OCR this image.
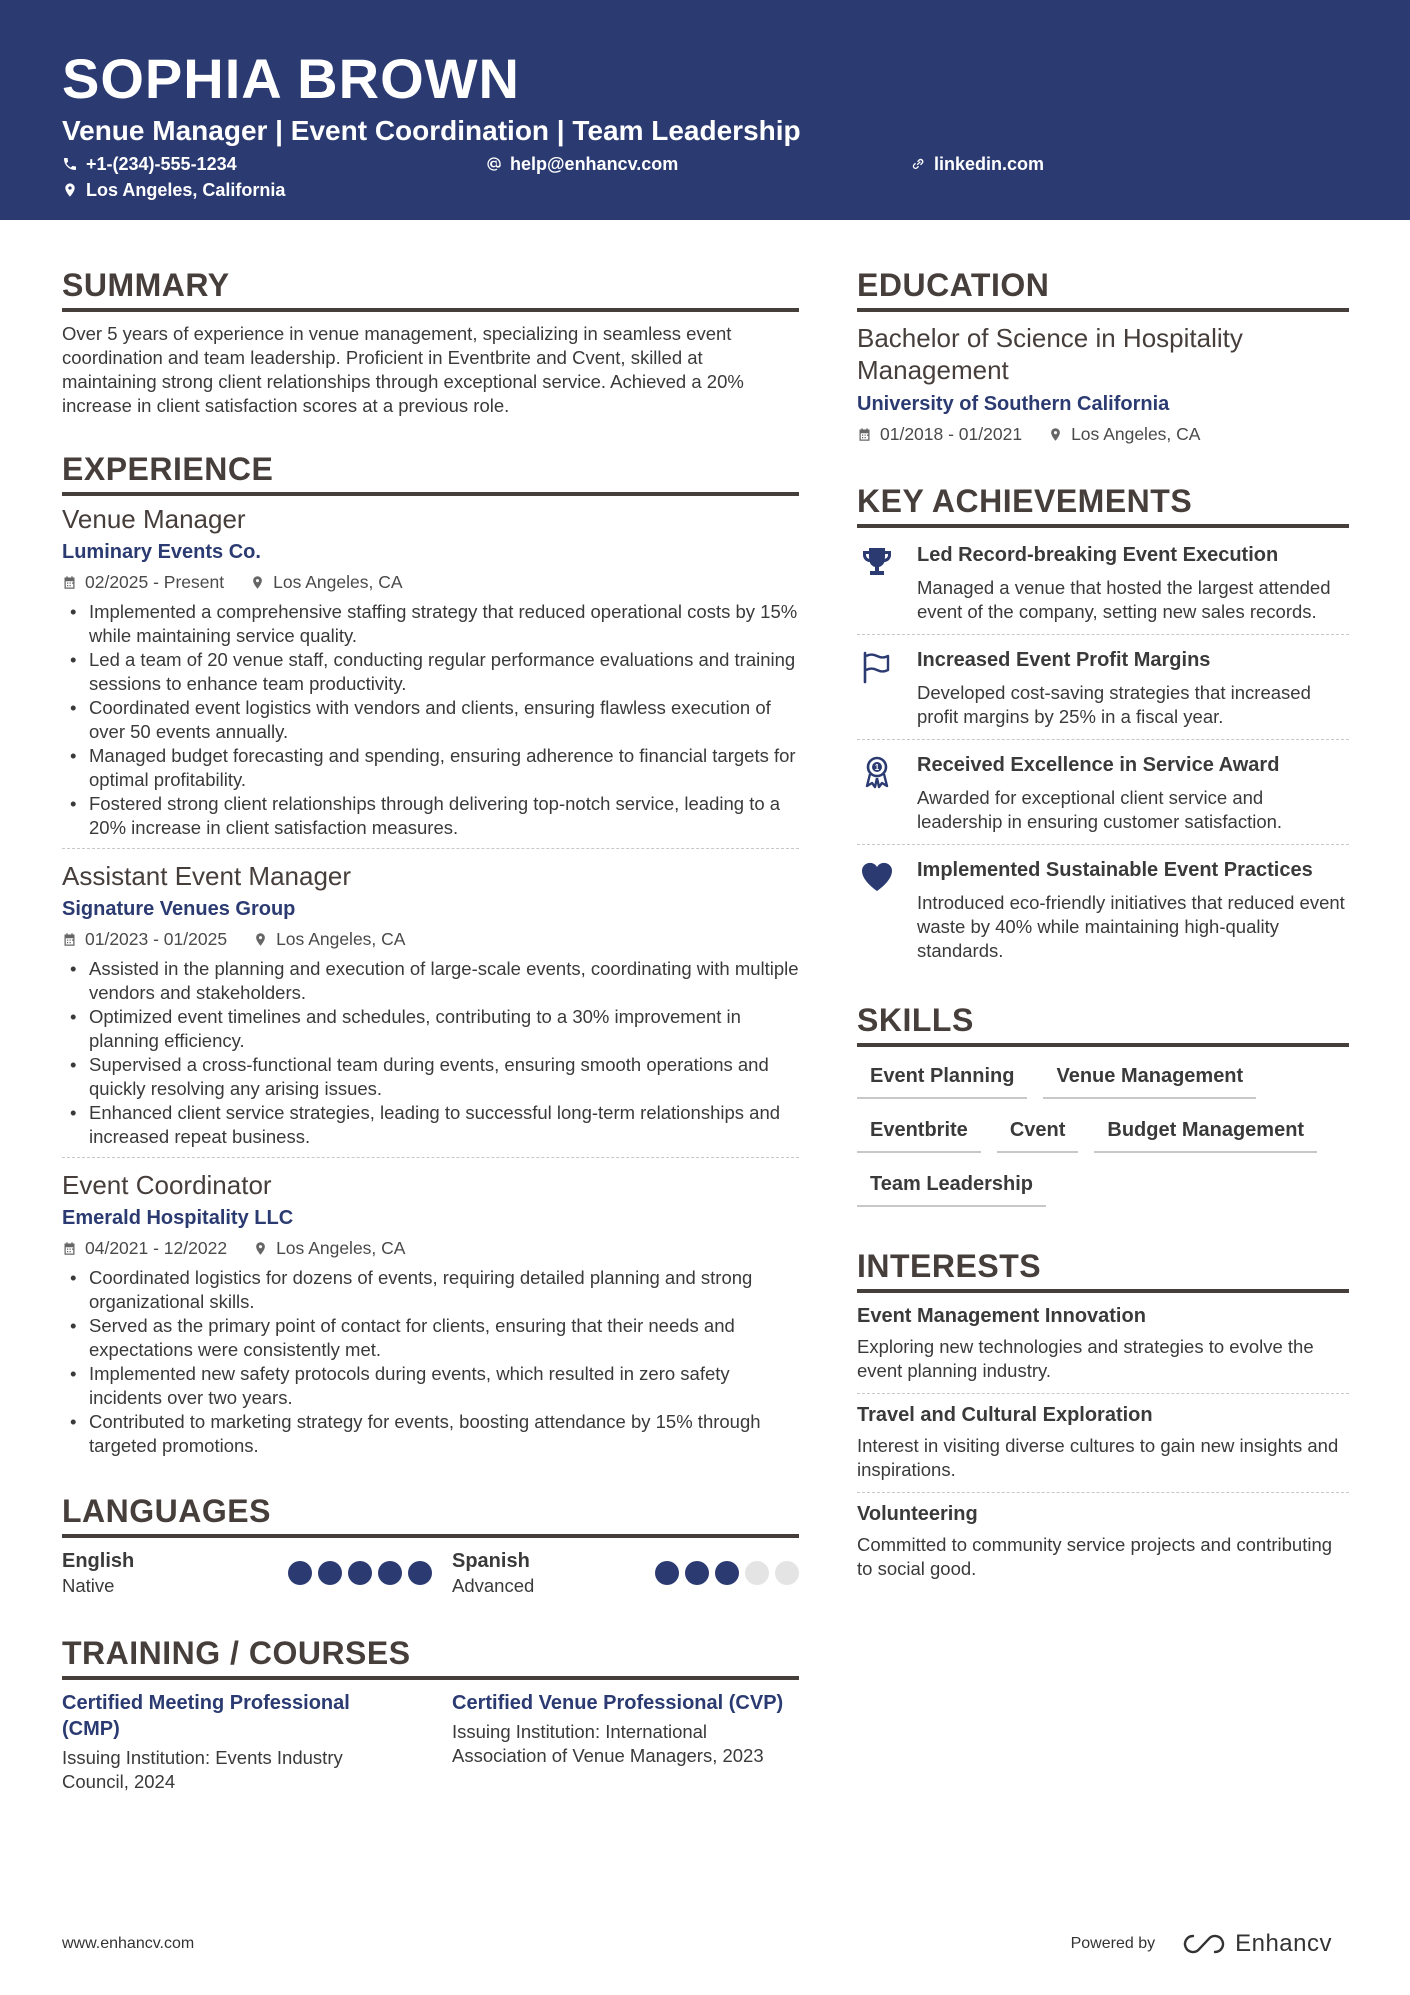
SOPHIA BROWN
Venue Manager | Event Coordination | Team Leadership
+1-(234)-555-1234	help@enhancv.com	linkedin.com
Los Angeles, California
SUMMARY
Over 5 years of experience in venue management, specializing in seamless event coordination and team leadership. Proficient in Eventbrite and Cvent, skilled at maintaining strong client relationships through exceptional service. Achieved a 20% increase in client satisfaction scores at a previous role.
EXPERIENCE
Venue Manager
Luminary Events Co.
02/2025 - Present	Los Angeles, CA
• Implemented a comprehensive staffing strategy that reduced operational costs by 15% while maintaining service quality.
• Led a team of 20 venue staff, conducting regular performance evaluations and training sessions to enhance team productivity.
• Coordinated event logistics with vendors and clients, ensuring flawless execution of over 50 events annually.
• Managed budget forecasting and spending, ensuring adherence to financial targets for optimal profitability.
• Fostered strong client relationships through delivering top-notch service, leading to a 20% increase in client satisfaction measures.
Assistant Event Manager
Signature Venues Group
01/2023 - 01/2025	Los Angeles, CA
• Assisted in the planning and execution of large-scale events, coordinating with multiple vendors and stakeholders.
• Optimized event timelines and schedules, contributing to a 30% improvement in planning efficiency.
• Supervised a cross-functional team during events, ensuring smooth operations and quickly resolving any arising issues.
• Enhanced client service strategies, leading to successful long-term relationships and increased repeat business.
Event Coordinator
Emerald Hospitality LLC
04/2021 - 12/2022	Los Angeles, CA
• Coordinated logistics for dozens of events, requiring detailed planning and strong organizational skills.
• Served as the primary point of contact for clients, ensuring that their needs and expectations were consistently met.
• Implemented new safety protocols during events, which resulted in zero safety incidents over two years.
• Contributed to marketing strategy for events, boosting attendance by 15% through targeted promotions.
LANGUAGES
English
Native
Spanish
Advanced
TRAINING / COURSES
Certified Meeting Professional (CMP)
Issuing Institution: Events Industry Council, 2024
Certified Venue Professional (CVP)
Issuing Institution: International Association of Venue Managers, 2023
EDUCATION
Bachelor of Science in Hospitality Management
University of Southern California
01/2018 - 01/2021	Los Angeles, CA
KEY ACHIEVEMENTS
Led Record-breaking Event Execution
Managed a venue that hosted the largest attended event of the company, setting new sales records.
Increased Event Profit Margins
Developed cost-saving strategies that increased profit margins by 25% in a fiscal year.
1 Received Excellence in Service Award
Awarded for exceptional client service and leadership in ensuring customer satisfaction.
Implemented Sustainable Event Practices
Introduced eco-friendly initiatives that reduced event waste by 40% while maintaining high-quality standards.
SKILLS
Event Planning	Venue Management
Eventbrite	Cvent	Budget Management
Team Leadership
INTERESTS
Event Management Innovation
Exploring new technologies and strategies to evolve the event planning industry.
Travel and Cultural Exploration
Interest in visiting diverse cultures to gain new insights and inspirations.
Volunteering
Committed to community service projects and contributing to social good.
www.enhancv.com	Powered by	Enhancv
